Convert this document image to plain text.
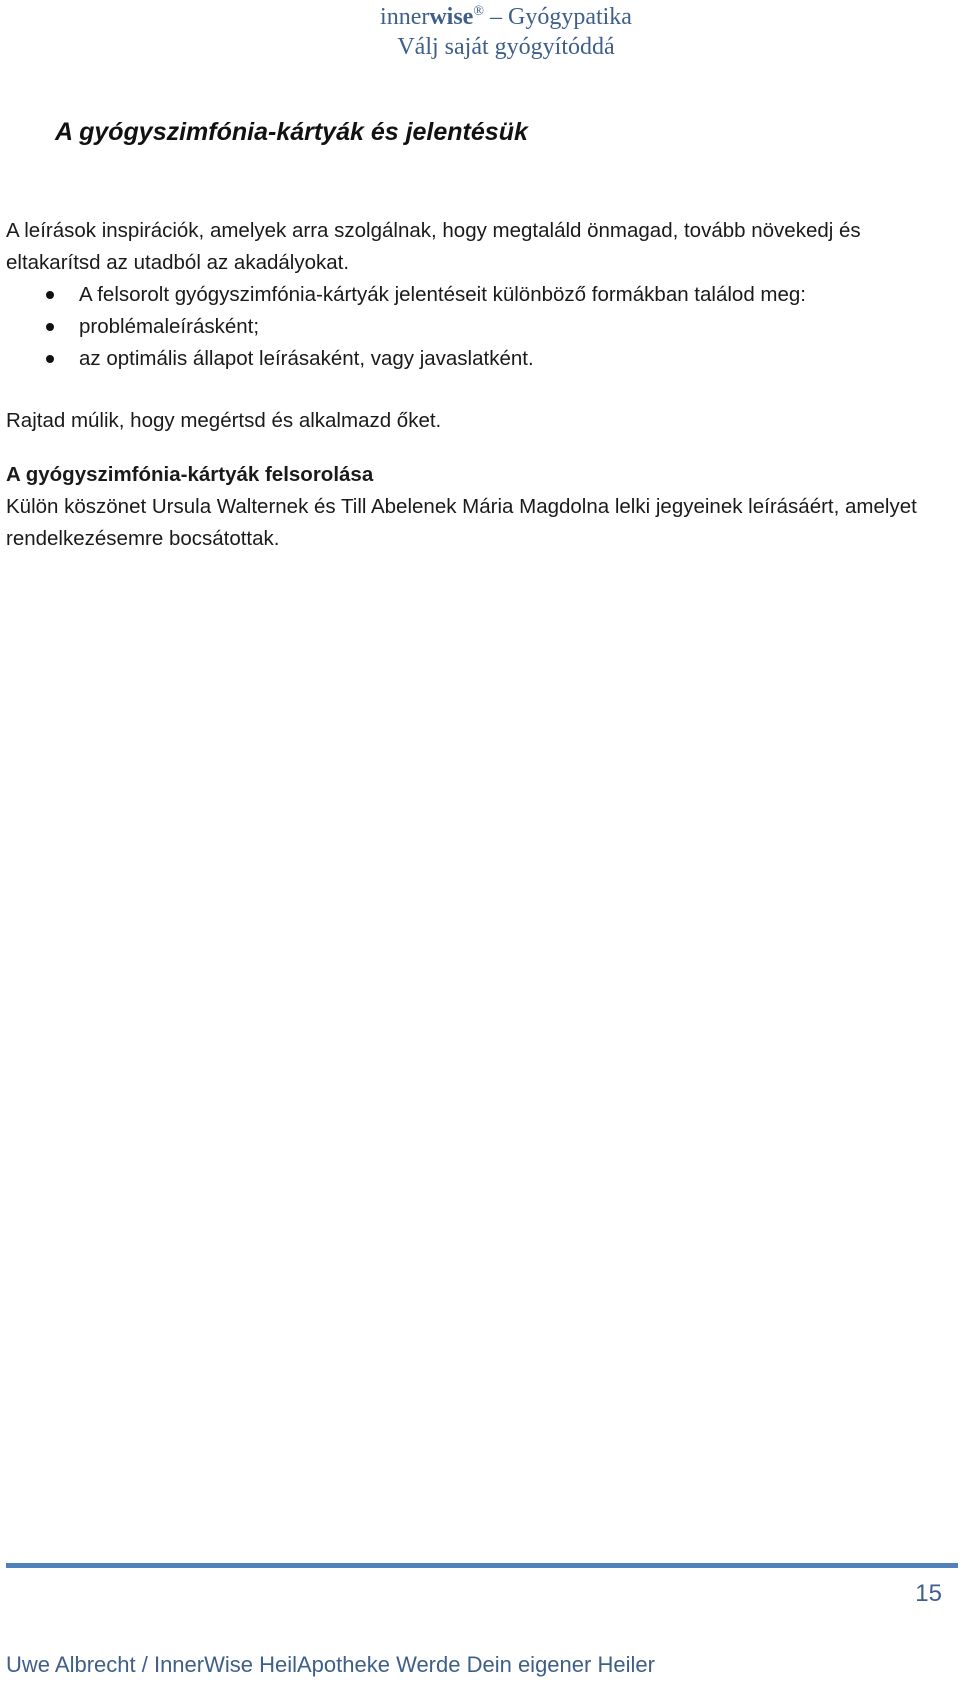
innerwise® – Gyógypatika
Válj saját gyógyítóddá
A gyógyszimfónia-kártyák és jelentésük

A leírások inspirációk, amelyek arra szolgálnak, hogy megtaláld önmagad, tovább növekedj és eltakarítsd az utadból az akadályokat.

A felsorolt gyógyszimfónia-kártyák jelentéseit különböző formákban találod meg:
problémaleírásként;
az optimális állapot leírásaként, vagy javaslatként.

Rajtad múlik, hogy megértsd és alkalmazd őket.

A gyógyszimfónia-kártyák felsorolása

Külön köszönet Ursula Walternek és Till Abelenek Mária Magdolna lelki jegyeinek leírásáért, amelyet rendelkezésemre bocsátottak.

15
Uwe Albrecht / InnerWise HeilApotheke Werde Dein eigener Heiler
